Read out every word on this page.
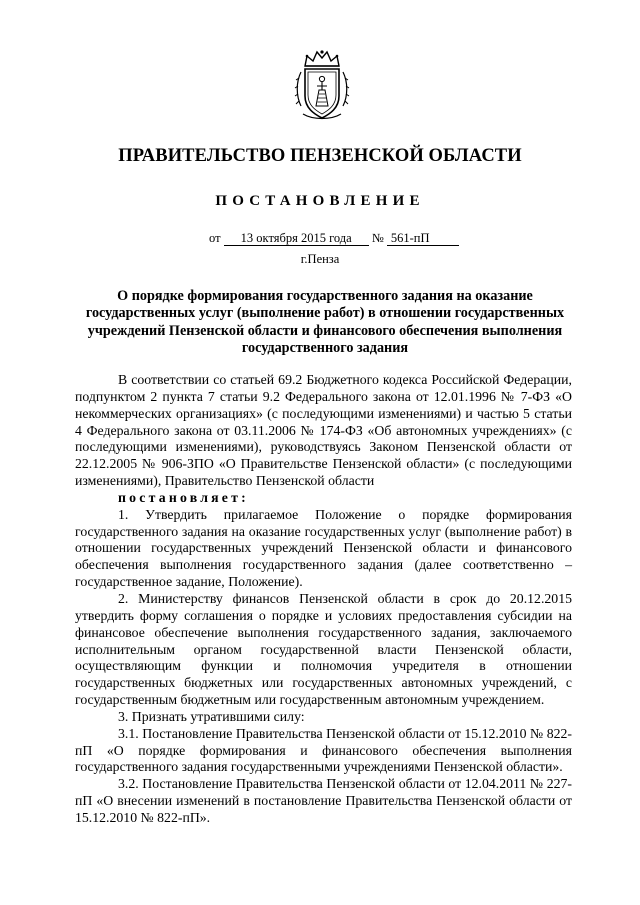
ПРАВИТЕЛЬСТВО ПЕНЗЕНСКОЙ ОБЛАСТИ
ПОСТАНОВЛЕНИЕ
от 13 октября 2015 года № 561-пП
г.Пенза
О порядке формирования государственного задания на оказание государственных услуг (выполнение работ) в отношении государственных учреждений Пензенской области и финансового обеспечения выполнения государственного задания

В соответствии со статьей 69.2 Бюджетного кодекса Российской Федерации, подпунктом 2 пункта 7 статьи 9.2 Федерального закона от 12.01.1996 № 7-ФЗ «О некоммерческих организациях» (с последующими изменениями) и частью 5 статьи 4 Федерального закона от 03.11.2006 № 174-ФЗ «Об автономных учреждениях» (с последующими изменениями), руководствуясь Законом Пензенской области от 22.12.2005 № 906-ЗПО «О Правительстве Пензенской области» (с последующими изменениями), Правительство Пензенской области

постановляет:

1. Утвердить прилагаемое Положение о порядке формирования государственного задания на оказание государственных услуг (выполнение работ) в отношении государственных учреждений Пензенской области и финансового обеспечения выполнения государственного задания (далее соответственно – государственное задание, Положение).

2. Министерству финансов Пензенской области в срок до 20.12.2015 утвердить форму соглашения о порядке и условиях предоставления субсидии на финансовое обеспечение выполнения государственного задания, заключаемого исполнительным органом государственной власти Пензенской области, осуществляющим функции и полномочия учредителя в отношении государственных бюджетных или государственных автономных учреждений, с государственным бюджетным или государственным автономным учреждением.

3. Признать утратившими силу:

3.1. Постановление Правительства Пензенской области от 15.12.2010 № 822-пП «О порядке формирования и финансового обеспечения выполнения государственного задания государственными учреждениями Пензенской области».

3.2. Постановление Правительства Пензенской области от 12.04.2011 № 227-пП «О внесении изменений в постановление Правительства Пензенской области от 15.12.2010 № 822-пП».
